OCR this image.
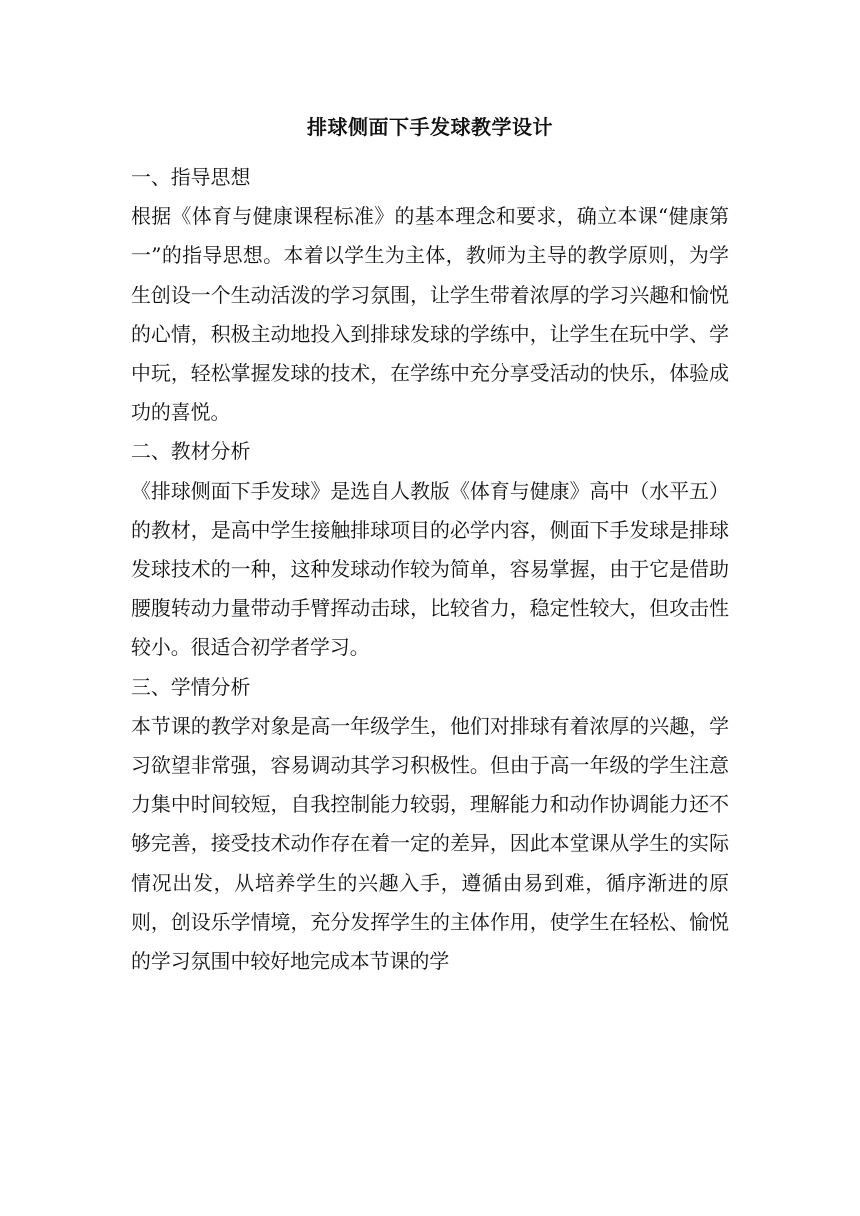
排球侧面下手发球教学设计
一、指导思想

根据《体育与健康课程标准》的基本理念和要求，确立本课“健康第一”的指导思想。本着以学生为主体，教师为主导的教学原则，为学生创设一个生动活泼的学习氛围，让学生带着浓厚的学习兴趣和愉悦的心情，积极主动地投入到排球发球的学练中，让学生在玩中学、学中玩，轻松掌握发球的技术，在学练中充分享受活动的快乐，体验成功的喜悦。

二、教材分析

《排球侧面下手发球》是选自人教版《体育与健康》高中（水平五）的教材，是高中学生接触排球项目的必学内容，侧面下手发球是排球发球技术的一种，这种发球动作较为简单，容易掌握，由于它是借助腰腹转动力量带动手臂挥动击球，比较省力，稳定性较大，但攻击性较小。很适合初学者学习。

三、学情分析

本节课的教学对象是高一年级学生，他们对排球有着浓厚的兴趣，学习欲望非常强，容易调动其学习积极性。但由于高一年级的学生注意力集中时间较短，自我控制能力较弱，理解能力和动作协调能力还不够完善，接受技术动作存在着一定的差异，因此本堂课从学生的实际情况出发，从培养学生的兴趣入手，遵循由易到难，循序渐进的原则，创设乐学情境，充分发挥学生的主体作用，使学生在轻松、愉悦的学习氛围中较好地完成本节课的学
